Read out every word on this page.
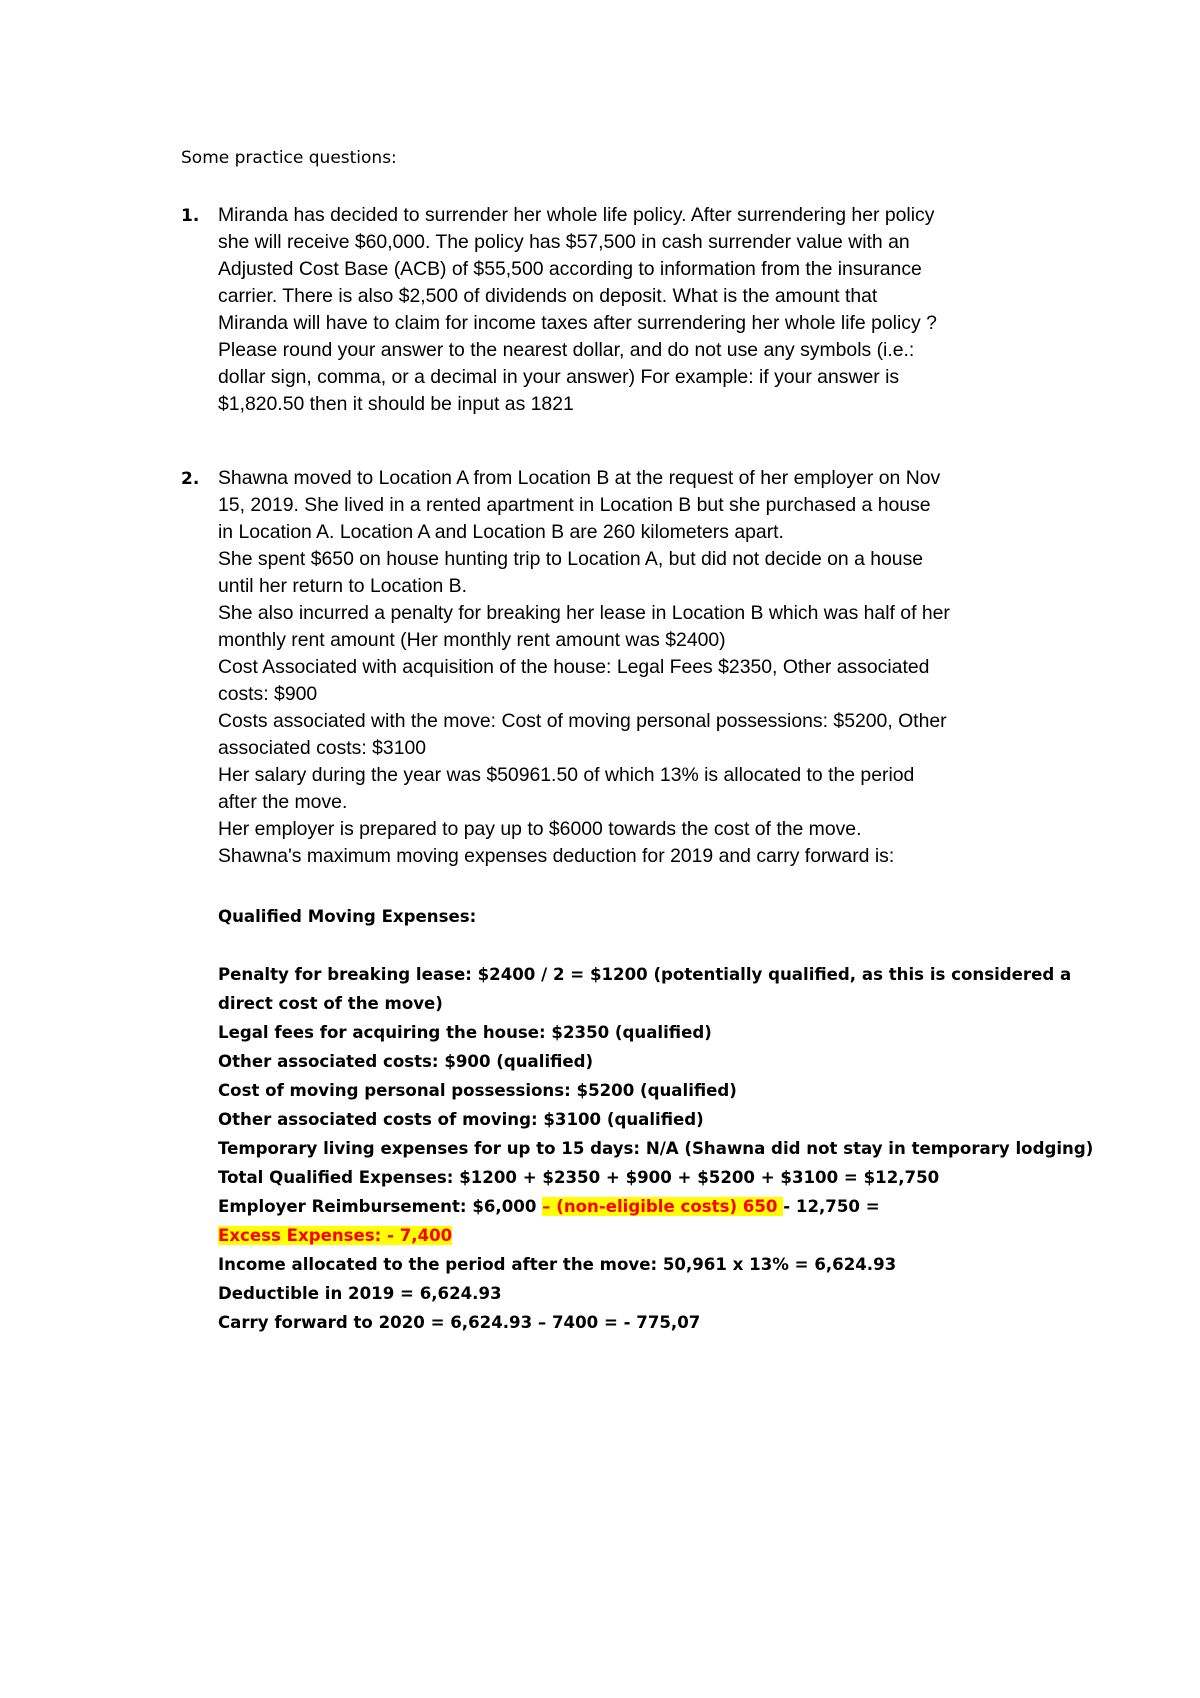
Some practice questions:
1. Miranda has decided to surrender her whole life policy. After surrendering her policy
she will receive $60,000. The policy has $57,500 in cash surrender value with an
Adjusted Cost Base (ACB) of $55,500 according to information from the insurance
carrier. There is also $2,500 of dividends on deposit. What is the amount that
Miranda will have to claim for income taxes after surrendering her whole life policy ?
Please round your answer to the nearest dollar, and do not use any symbols (i.e.:
dollar sign, comma, or a decimal in your answer) For example: if your answer is
$1,820.50 then it should be input as 1821
2. Shawna moved to Location A from Location B at the request of her employer on Nov
15, 2019. She lived in a rented apartment in Location B but she purchased a house
in Location A. Location A and Location B are 260 kilometers apart.
She spent $650 on house hunting trip to Location A, but did not decide on a house
until her return to Location B.
She also incurred a penalty for breaking her lease in Location B which was half of her
monthly rent amount (Her monthly rent amount was $2400)
Cost Associated with acquisition of the house: Legal Fees $2350, Other associated
costs: $900
Costs associated with the move: Cost of moving personal possessions: $5200, Other
associated costs: $3100
Her salary during the year was $50961.50 of which 13% is allocated to the period
after the move.
Her employer is prepared to pay up to $6000 towards the cost of the move.
Shawna's maximum moving expenses deduction for 2019 and carry forward is:
Qualified Moving Expenses:
Penalty for breaking lease: $2400 / 2 = $1200 (potentially qualified, as this is considered a
direct cost of the move)
Legal fees for acquiring the house: $2350 (qualified)
Other associated costs: $900 (qualified)
Cost of moving personal possessions: $5200 (qualified)
Other associated costs of moving: $3100 (qualified)
Temporary living expenses for up to 15 days: N/A (Shawna did not stay in temporary lodging)
Total Qualified Expenses: $1200 + $2350 + $900 + $5200 + $3100 = $12,750
Employer Reimbursement: $6,000 – (non-eligible costs) 650 - 12,750 =
Excess Expenses: - 7,400
Income allocated to the period after the move: 50,961 x 13% = 6,624.93
Deductible in 2019 = 6,624.93
Carry forward to 2020 = 6,624.93 – 7400 = - 775,07
